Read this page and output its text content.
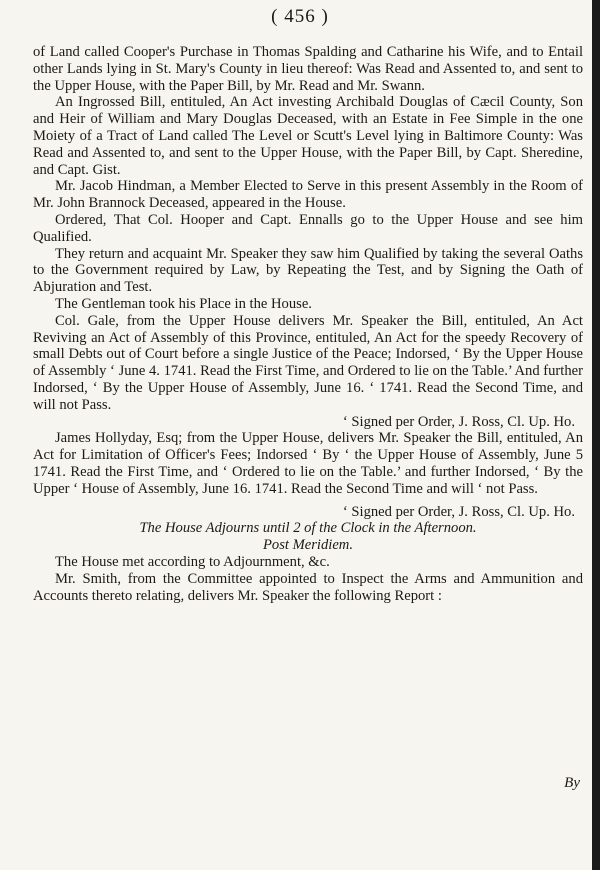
( 456 )

of Land called Cooper's Purchase in Thomas Spalding and Catharine his Wife, and to Entail other Lands lying in St. Mary's County in lieu thereof: Was Read and Assented to, and sent to the Upper House, with the Paper Bill, by Mr. Read and Mr. Swann.

An Ingrossed Bill, entituled, An Act investing Archibald Douglas of Cæcil County, Son and Heir of William and Mary Douglas Deceased, with an Estate in Fee Simple in the one Moiety of a Tract of Land called The Level or Scutt's Level lying in Baltimore County: Was Read and Assented to, and sent to the Upper House, with the Paper Bill, by Capt. Sheredine, and Capt. Gist.

Mr. Jacob Hindman, a Member Elected to Serve in this present Assembly in the Room of Mr. John Brannock Deceased, appeared in the House.

Ordered, That Col. Hooper and Capt. Ennalls go to the Upper House and see him Qualified.

They return and acquaint Mr. Speaker they saw him Qualified by taking the several Oaths to the Government required by Law, by Repeating the Test, and by Signing the Oath of Abjuration and Test.

The Gentleman took his Place in the House.

Col. Gale, from the Upper House delivers Mr. Speaker the Bill, entituled, An Act Reviving an Act of Assembly of this Province, entituled, An Act for the speedy Recovery of small Debts out of Court before a single Justice of the Peace; Indorsed, ‘ By the Upper House of Assembly ‘ June 4. 1741. Read the First Time, and Ordered to lie on the Table.’ And further Indorsed, ‘ By the Upper House of Assembly, June 16. ‘ 1741. Read the Second Time, and will not Pass.

‘ Signed per Order, J. Ross, Cl. Up. Ho.

James Hollyday, Esq; from the Upper House, delivers Mr. Speaker the Bill, entituled, An Act for Limitation of Officer's Fees; Indorsed ‘ By ‘ the Upper House of Assembly, June 5 1741. Read the First Time, and ‘ Ordered to lie on the Table.’ and further Indorsed, ‘ By the Upper ‘ House of Assembly, June 16. 1741. Read the Second Time and will ‘ not Pass.

‘ Signed per Order, J. Ross, Cl. Up. Ho.

The House Adjourns until 2 of the Clock in the Afternoon.

Post Meridiem.

The House met according to Adjournment, &c.

Mr. Smith, from the Committee appointed to Inspect the Arms and Ammunition and Accounts thereto relating, delivers Mr. Speaker the following Report :

By
